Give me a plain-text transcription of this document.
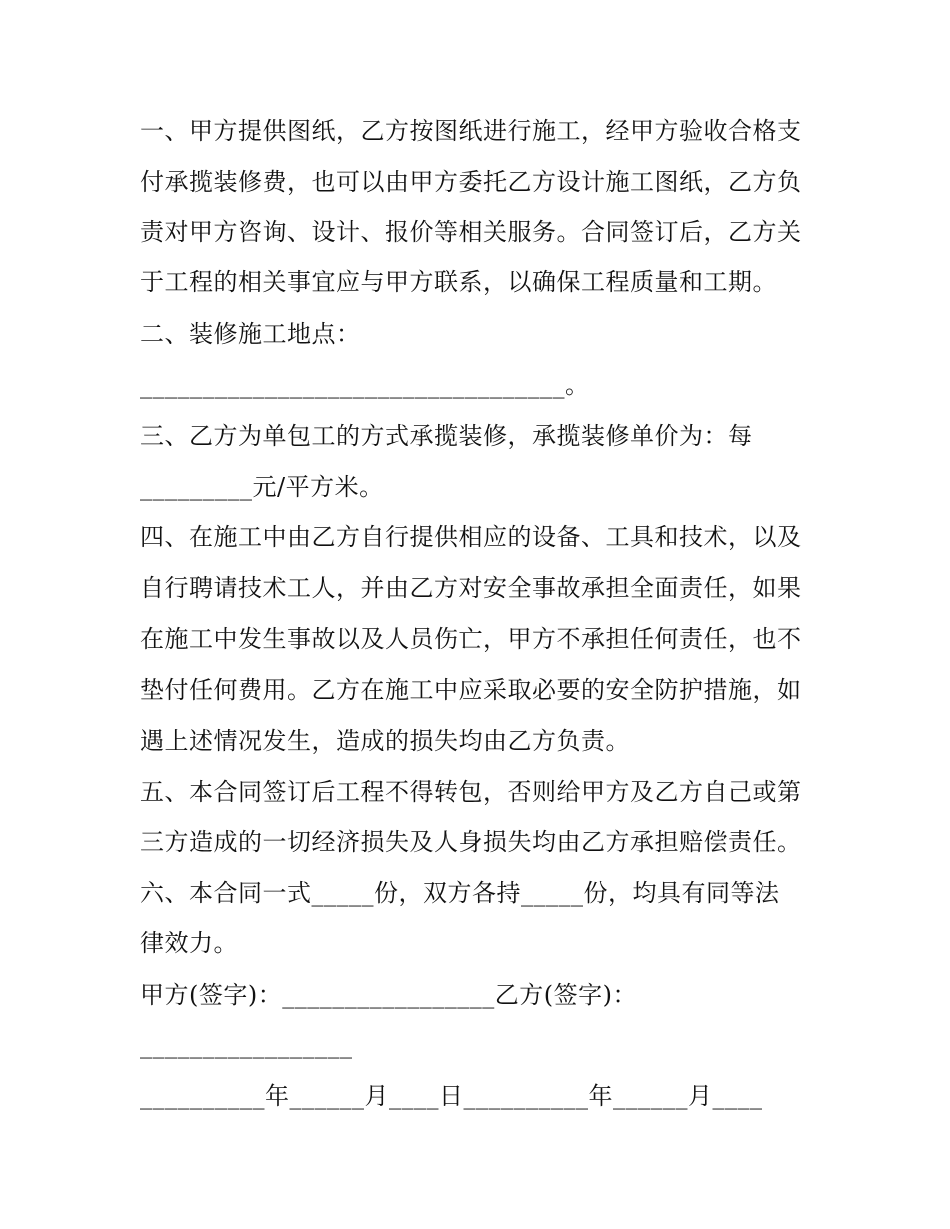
一、甲方提供图纸，乙方按图纸进行施工，经甲方验收合格支
付承揽装修费，也可以由甲方委托乙方设计施工图纸，乙方负
责对甲方咨询、设计、报价等相关服务。合同签订后，乙方关
于工程的相关事宜应与甲方联系，以确保工程质量和工期。
二、装修施工地点：
__________________________________。
三、乙方为单包工的方式承揽装修，承揽装修单价为：每
_________元/平方米。
四、在施工中由乙方自行提供相应的设备、工具和技术，以及
自行聘请技术工人，并由乙方对安全事故承担全面责任，如果
在施工中发生事故以及人员伤亡，甲方不承担任何责任，也不
垫付任何费用。乙方在施工中应采取必要的安全防护措施，如
遇上述情况发生，造成的损失均由乙方负责。
五、本合同签订后工程不得转包，否则给甲方及乙方自己或第
三方造成的一切经济损失及人身损失均由乙方承担赔偿责任。
六、本合同一式_____份，双方各持_____份，均具有同等法
律效力。
甲方(签字)：_________________乙方(签字)：
_________________
__________年______月____日__________年______月____
